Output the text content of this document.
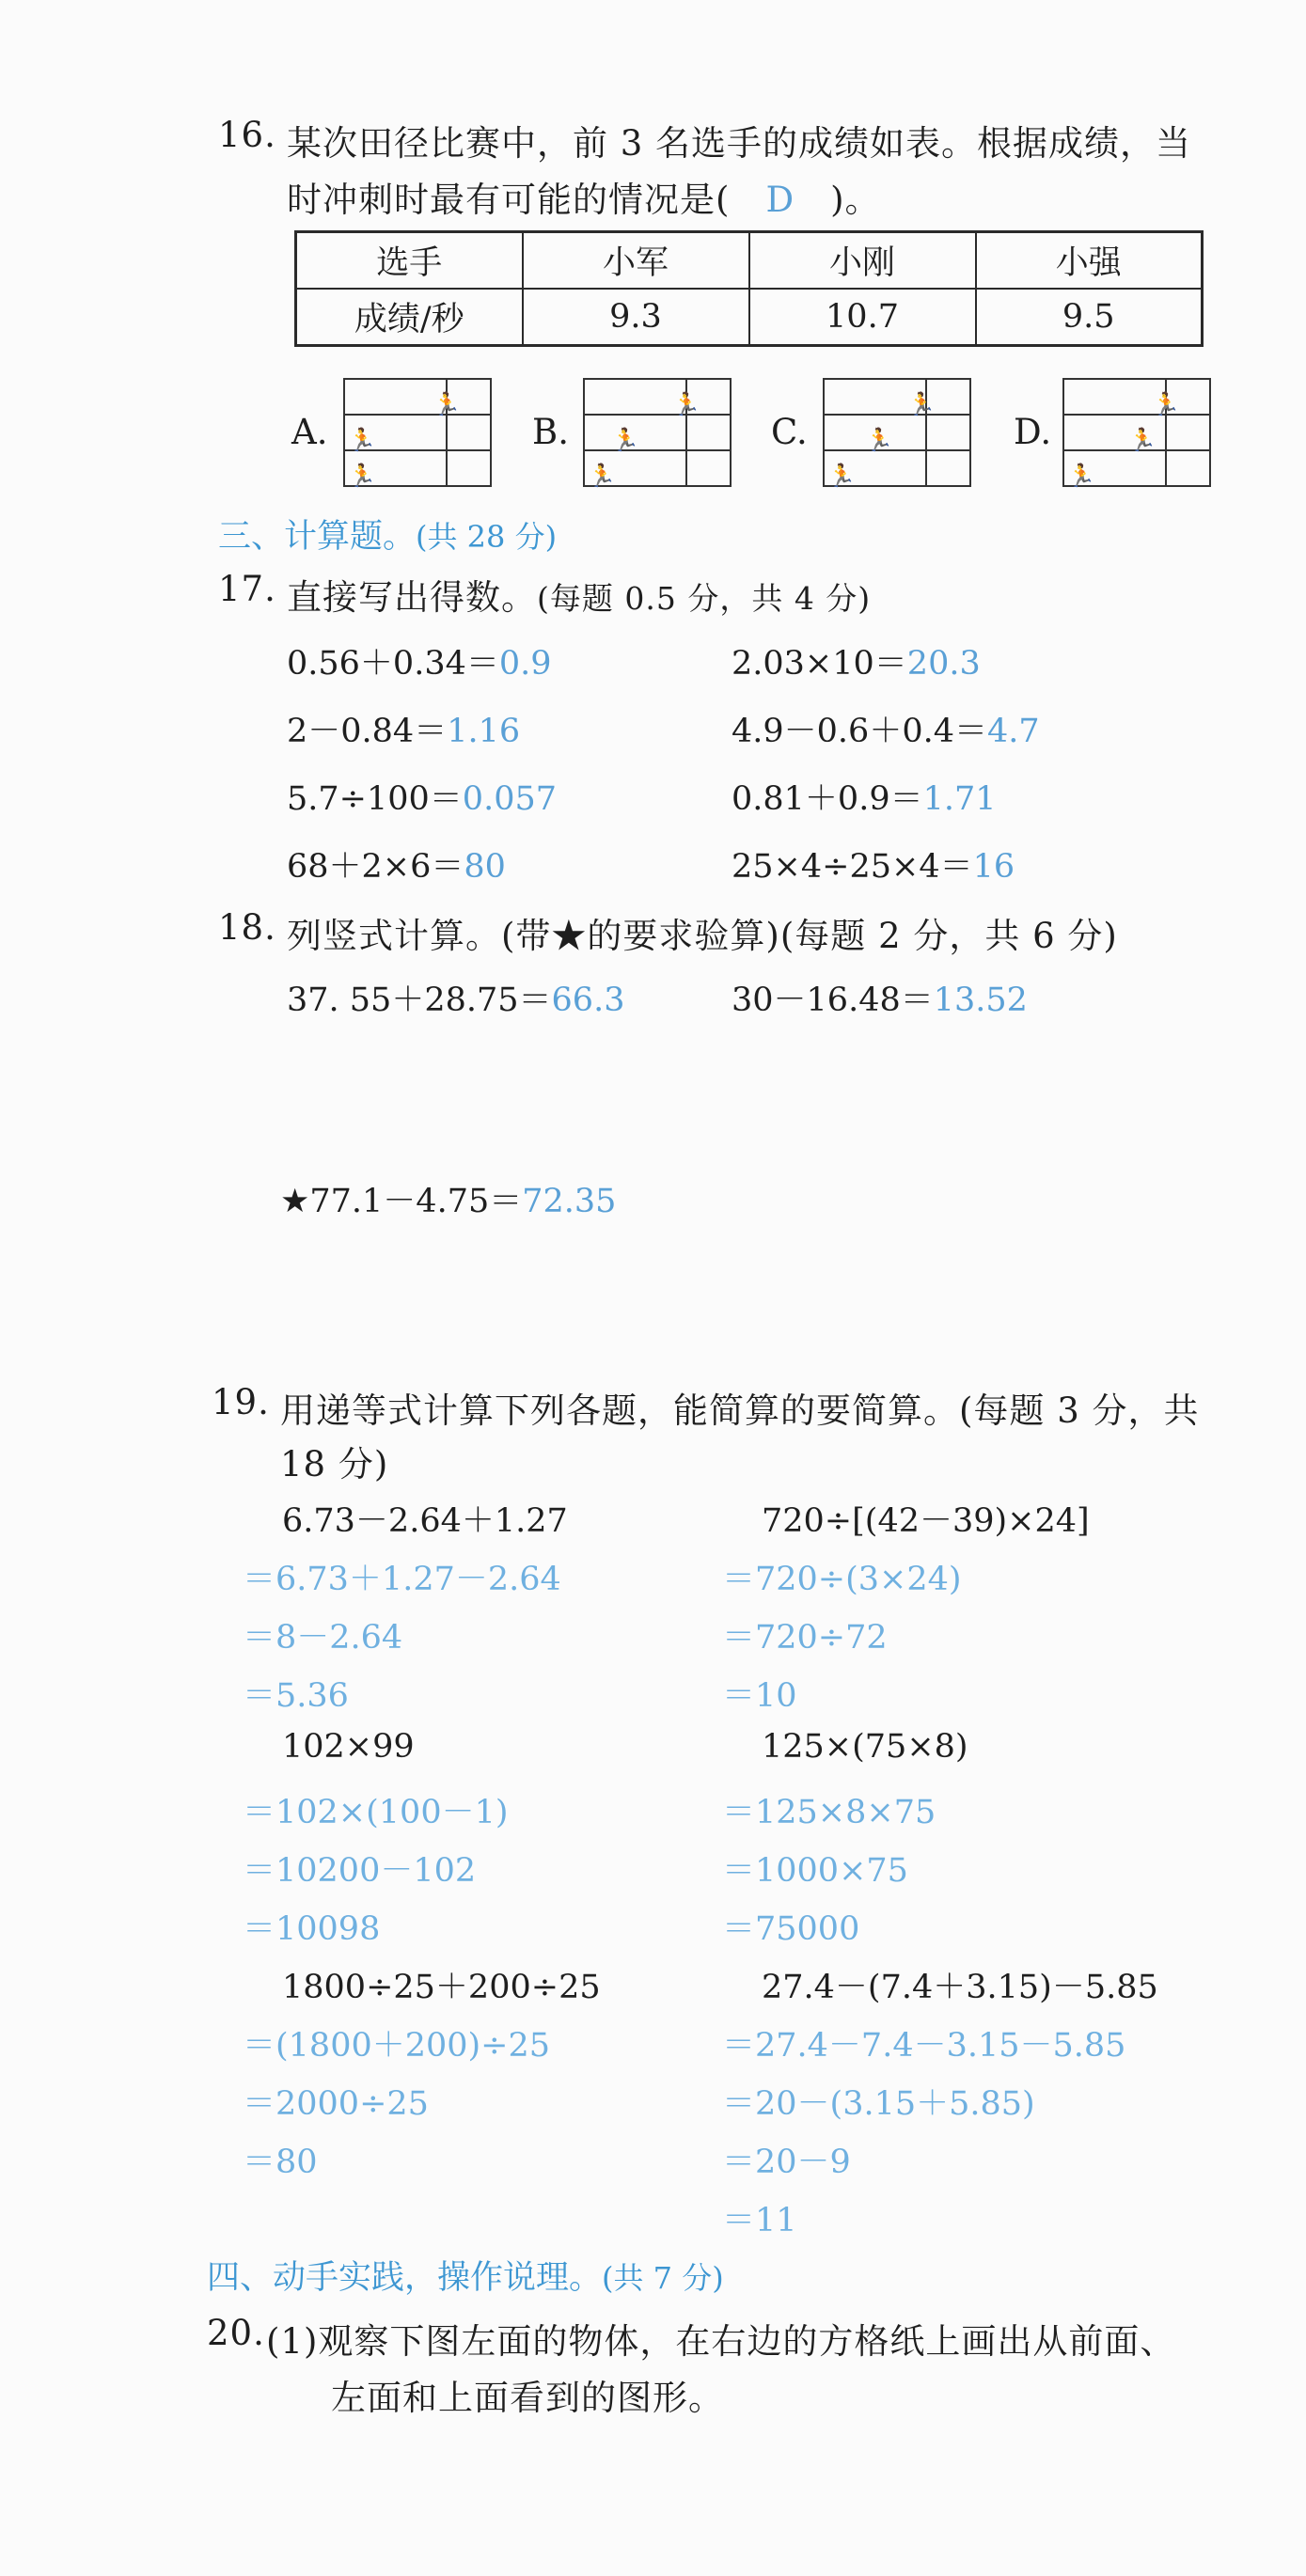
16. 某次田径比赛中，前 3 名选手的成绩如表。根据成绩，当
时冲刺时最有可能的情况是( D )。
选手	小军	小刚	小强
成绩/秒	9.3	10.7	9.5
A.	B.	C.	D.
🏃
🏃
🏃
🏃
🏃
🏃
🏃
🏃
🏃
🏃
🏃
🏃
三、计算题。(共 28 分)
17. 直接写出得数。(每题 0.5 分，共 4 分)
0.56＋0.34＝0.9	2.03×10＝20.3
2－0.84＝1.16	4.9－0.6＋0.4＝4.7
5.7÷100＝0.057	0.81＋0.9＝1.71
68＋2×6＝80	25×4÷25×4＝16
18. 列竖式计算。(带★的要求验算)(每题 2 分，共 6 分)
37. 55＋28.75＝66.3	30－16.48＝13.52
★77.1－4.75＝72.35
19. 用递等式计算下列各题，能简算的要简算。(每题 3 分，共
18 分)
6.73－2.64＋1.27
＝6.73＋1.27－2.64
＝8－2.64
＝5.36
102×99
＝102×(100－1)
＝10200－102
＝10098
1800÷25＋200÷25
＝(1800＋200)÷25
＝2000÷25
＝80
720÷[(42－39)×24]
＝720÷(3×24)
＝720÷72
＝10
125×(75×8)
＝125×8×75
＝1000×75
＝75000
27.4－(7.4＋3.15)－5.85
＝27.4－7.4－3.15－5.85
＝20－(3.15＋5.85)
＝20－9
＝11
四、动手实践，操作说理。(共 7 分)
20. (1)观察下图左面的物体，在右边的方格纸上画出从前面、
左面和上面看到的图形。
